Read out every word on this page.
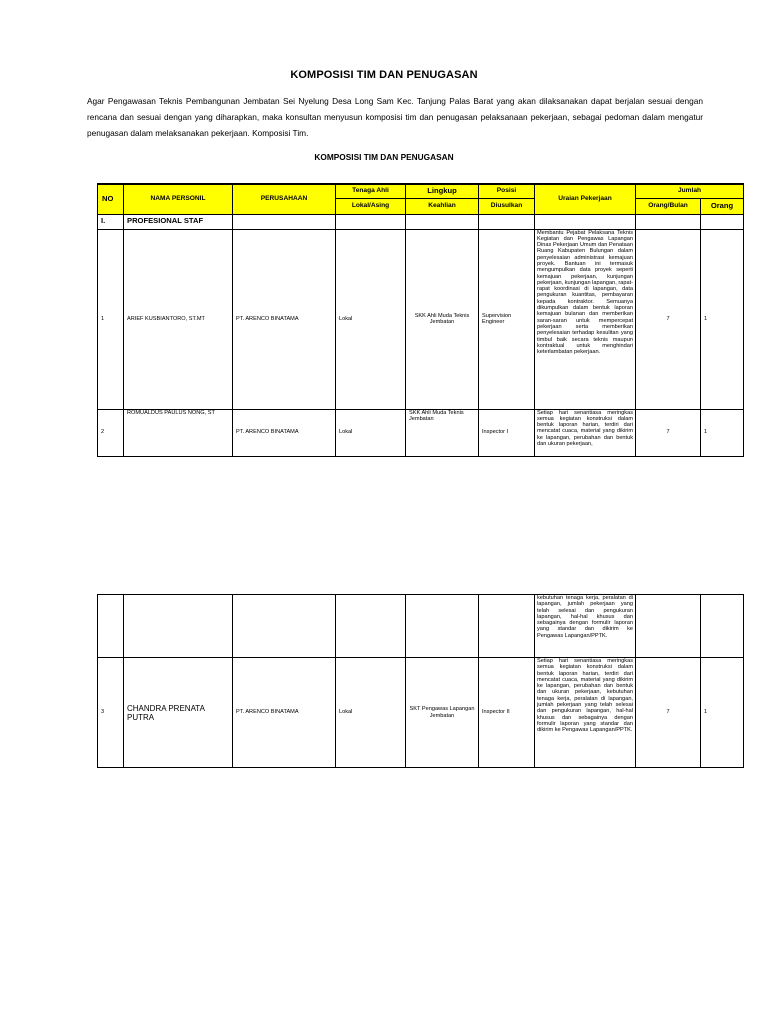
KOMPOSISI TIM DAN PENUGASAN
Agar Pengawasan Teknis Pembangunan Jembatan Sei Nyelung Desa Long Sam Kec. Tanjung Palas Barat yang akan dilaksanakan dapat berjalan sesuai dengan rencana dan sesuai dengan yang diharapkan, maka konsultan menyusun komposisi tim dan penugasan pelaksanaan pekerjaan, sebagai pedoman dalam mengatur penugasan dalam melaksanakan pekerjaan. Komposisi Tim.
KOMPOSISI TIM DAN PENUGASAN
NO	NAMA PERSONIL	PERUSAHAAN	Tenaga Ahli	Lingkup	Posisi	Uraian Pekerjaan	Jumlah	
			Lokal/Asing	Keahlian	Diusulkan		Orang/Bulan	Orang
I.	PROFESIONAL STAF							
1	ARIEF KUSBIANTORO, ST.MT	PT. ARENCO BINATAMA	Lokal	SKK Ahli Muda Teknis Jembatan	Supervision Engineer	Membantu Pejabat Pelaksana Teknis Kegiatan dan Pengawas Lapangan Dinas Pekerjaan Umum dan Penataan Ruang Kabupaten Bulungan dalam penyelesaian administrasi kemajuan proyek. Bantuan ini termasuk mengumpulkan data proyek seperti kemajuan pekerjaan, kunjungan pekerjaan, kunjungan lapangan, rapat-rapat koordinasi di lapangan, data pengukuran kuantitas, pembayaran kepada kontraktor. Semuanya dikumpulkan dalam bentuk laporan kemajuan bulanan dan memberikan saran-saran untuk mempercepat pekerjaan serta memberikan penyelesaian terhadap kesulitan yang timbul baik secara teknis maupun kontraktual untuk menghindari keterlambatan pekerjaan.	7	1
2	ROMUALDUS PAULUS NONG, ST	PT. ARENCO BINATAMA	Lokal	SKK Ahli Muda Teknis Jembatan	Inspector I	Setiap hari senantiasa meringkas semua kegiatan konstruksi dalam bentuk laporan harian, terdiri dari mencatat cuaca, material yang dikirim ke lapangan, perubahan dan bentuk dan ukuran pekerjaan,	7	1
						kebutuhan tenaga kerja, peralatan di lapangan, jumlah pekerjaan yang telah selesai dan pengukuran lapangan, hal-hal khusus dan sebagainya dengan formulir laporan yang standar dan dikirim ke Pengawas Lapangan/PPTK.		
3	CHANDRA PRENATA PUTRA	PT. ARENCO BINATAMA	Lokal	SKT Pengawas Lapangan Jembatan	Inspector II	Setiap hari senantiasa meringkas semua kegiatan konstruksi dalam bentuk laporan harian, terdiri dari mencatat cuaca, material yang dikirim ke lapangan, perubahan dan bentuk dan ukuran pekerjaan, kebutuhan tenaga kerja, peralatan di lapangan, jumlah pekerjaan yang telah selesai dan pengukuran lapangan, hal-hal khusus dan sebagainya dengan formulir laporan yang standar dan dikirim ke Pengawas Lapangan/PPTK.	7	1
